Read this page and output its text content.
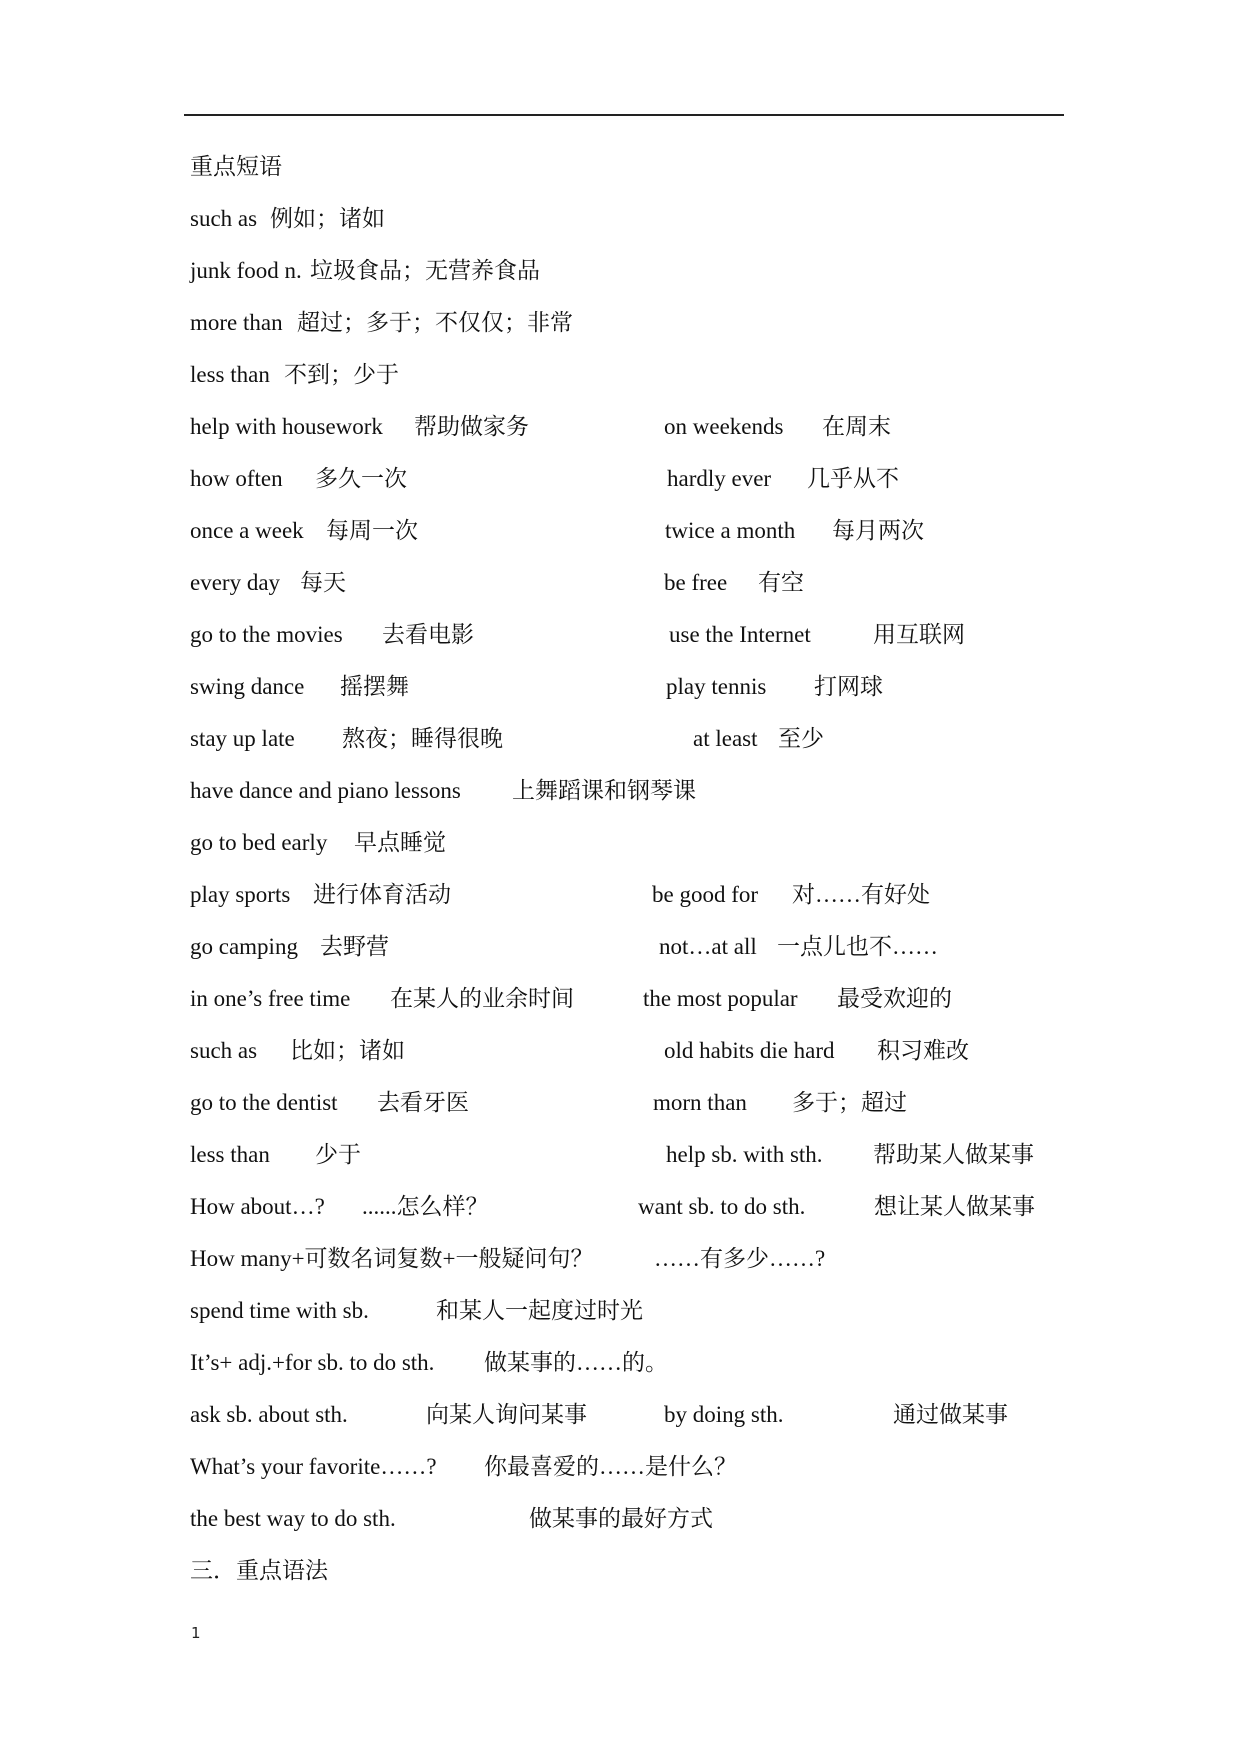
重点短语
such as 例如；诸如
junk food n. 垃圾食品；无营养食品
more than 超过；多于；不仅仅；非常
less than 不到；少于
help with housework 帮助做家务	on weekends 在周末
how often 多久一次	hardly ever 几乎从不
once a week 每周一次	twice a month 每月两次
every day 每天	be free 有空
go to the movies 去看电影	use the Internet	用互联网
swing dance 摇摆舞	play tennis 打网球
stay up late 熬夜；睡得很晚	at least 至少
have dance and piano lessons 上舞蹈课和钢琴课
go to bed early 早点睡觉
play sports 进行体育活动	be good for 对……有好处
go camping 去野营	not…at all 一点儿也不……
in one’s free time 在某人的业余时间	the most popular 最受欢迎的
such as 比如；诸如	old habits die hard 积习难改
go to the dentist 去看牙医	morn than 多于；超过
less than 少于	help sb. with sth. 帮助某人做某事
How about…? ......怎么样？	want sb. to do sth.	想让某人做某事
How many+可数名词复数+一般疑问句？	……有多少……?
spend time with sb.	和某人一起度过时光
It’s+ adj.+for sb. to do sth. 做某事的……的。
ask sb. about sth.	向某人询问某事	by doing sth.	通过做某事
What’s your favorite……? 你最喜爱的……是什么？
the best way to do sth.	做某事的最好方式
三．重点语法
1
